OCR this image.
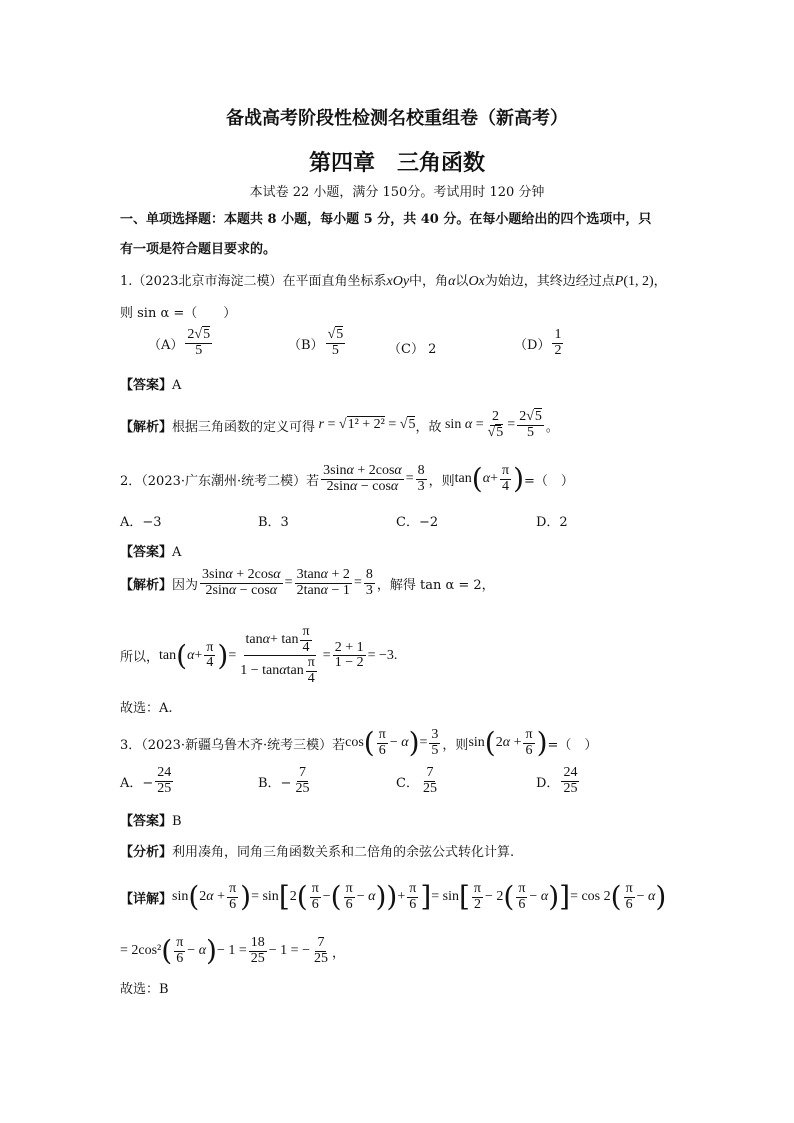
备战高考阶段性检测名校重组卷（新高考）
第四章　三角函数
本试卷 22 小题，满分 150分。考试用时 120 分钟
一、单项选择题：本题共 8 小题，每小题 5 分，共 40 分。在每小题给出的四个选项中，只
有一项是符合题目要求的。
1.（2023北京市海淀二模）在平面直角坐标系xOy中，角α以Ox为始边，其终边经过点P(1, 2)，
则 sin α =（　　）
$(A) \frac{2√5}{5}$	$(B) \frac{√5}{5}$	（C） 2	$(D) \frac{1}{2}$
【答案】A
【解析】 根据三角函数的定义可得 r = √1² + 2² = √5 ，故 $\sin \alpha = \frac{2}{√5} = \frac{2√5}{5}$ 。
2．（2023·广东潮州·统考二模）若 $\frac{3\sin\alpha + 2\cos\alpha}{2\sin\alpha - \cos\alpha} = \frac{8}{3}$ ，则 tan ( $\alpha + \frac{\pi}{4}$ ) =（　）
A．−3	B．3	C．−2	D．2
【答案】A
【解析】 因为 $\frac{3\sin\alpha + 2\cos\alpha}{2\sin\alpha - \cos\alpha} = \frac{3\tan\alpha + 2}{2\tan\alpha - 1} = \frac{8}{3}$ ，解得 tan α = 2，
所以， tan ( $\alpha + \frac{\pi}{4}$ ) = $\frac{\tan \alpha + \tan \frac{\pi}{4}}{1 - \tan \alpha \tan \frac{\pi}{4}} = \frac{2 + 1}{1 - 2} = -3$.
故选：A.
3．（2023·新疆乌鲁木齐·统考三模）若 cos ( $\frac{\pi}{6} - \alpha$ ) = $\frac{3}{5}$ ，则 sin ( $2\alpha + \frac{\pi}{6}$ ) =（　）
A．− $\frac{24}{25}$	B．− $\frac{7}{25}$	C． $\frac{7}{25}$	D． $\frac{24}{25}$
【答案】B
【分析】利用凑角，同角三角函数关系和二倍角的余弦公式转化计算.
【详解】 sin ( $2\alpha + \frac{\pi}{6}$ ) = sin [ 2 ( $\frac{\pi}{6}$ − ( $\frac{\pi}{6} - \alpha$ ) ) + $\frac{\pi}{6}$ ] = sin [ $\frac{\pi}{2} - 2$ ( $\frac{\pi}{6} - \alpha$ ) ] = cos 2 ( $\frac{\pi}{6} - \alpha$ )
= 2cos² ( $\frac{\pi}{6} - \alpha$ ) − $1 = \frac{18}{25} - 1$ = − $\frac{7}{25}$ ，
故选：B
